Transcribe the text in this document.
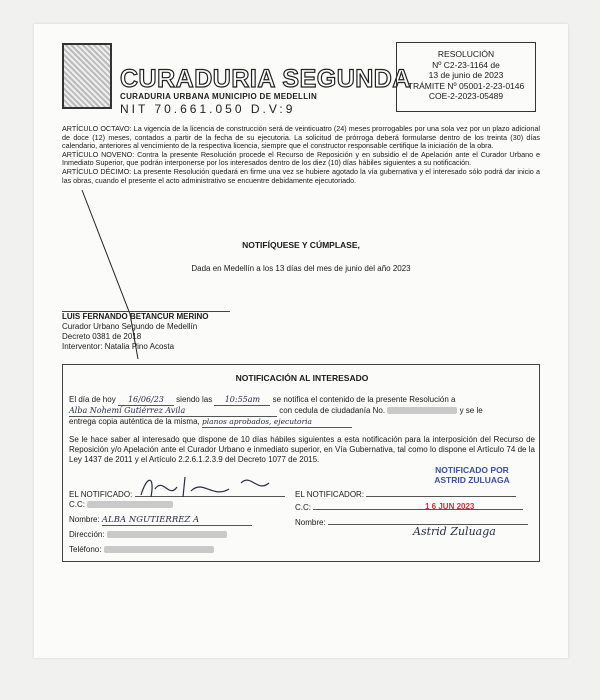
CURADURIA SEGUNDA
CURADURIA URBANA MUNICIPIO DE MEDELLIN
NIT 70.661.050 D.V:9
RESOLUCIÓN
Nº C2-23-1164 de
13 de junio de 2023
TRÁMITE Nº 05001-2-23-0146
COE-2-2023-05489

ARTÍCULO OCTAVO: La vigencia de la licencia de construcción será de veinticuatro (24) meses prorrogables por una sola vez por un plazo adicional de doce (12) meses, contados a partir de la fecha de su ejecutoria. La solicitud de prórroga deberá formularse dentro de los treinta (30) días calendario, anteriores al vencimiento de la respectiva licencia, siempre que el constructor responsable certifique la iniciación de la obra.

ARTÍCULO NOVENO: Contra la presente Resolución procede el Recurso de Reposición y en subsidio el de Apelación ante el Curador Urbano e Inmediato Superior, que podrán interponerse por los interesados dentro de los diez (10) días hábiles siguientes a su notificación.

ARTÍCULO DÉCIMO: La presente Resolución quedará en firme una vez se hubiere agotado la vía gubernativa y el interesado sólo podrá dar inicio a las obras, cuando el presente el acto administrativo se encuentre debidamente ejecutoriado.

NOTIFÍQUESE Y CÚMPLASE,
Dada en Medellín a los 13 días del mes de junio del año 2023
LUIS FERNANDO BETANCUR MERINO
Curador Urbano Segundo de Medellín
Decreto 0381 de 2018
Interventor: Natalia Pino Acosta
NOTIFICACIÓN AL INTERESADO
El día de hoy 16/06/23 siendo las 10:55am se notifica el contenido de la presente Resolución a
Alba Nohemí Gutiérrez Avila	con cedula de ciudadanía No.	y se le
entrega copia auténtica de la misma, planos aprobados, ejecutoria
Se le hace saber al interesado que dispone de 10 días hábiles siguientes a esta notificación para la interposición del Recurso de Reposición y/o Apelación ante el Curador Urbano e inmediato superior, en Vía Gubernativa, tal como lo dispone el Artículo 74 de la Ley 1437 de 2011 y el Artículo 2.2.6.1.2.3.9 del Decreto 1077 de 2015.
EL NOTIFICADO:	EL NOTIFICADOR:
C.C:	C.C:
Nombre: ALBA NGUTIERREZ A	Nombre:
Dirección:
Teléfono:
NOTIFICADO POR
ASTRID ZULUAGA
1 6 JUN 2023
Astrid Zuluaga
